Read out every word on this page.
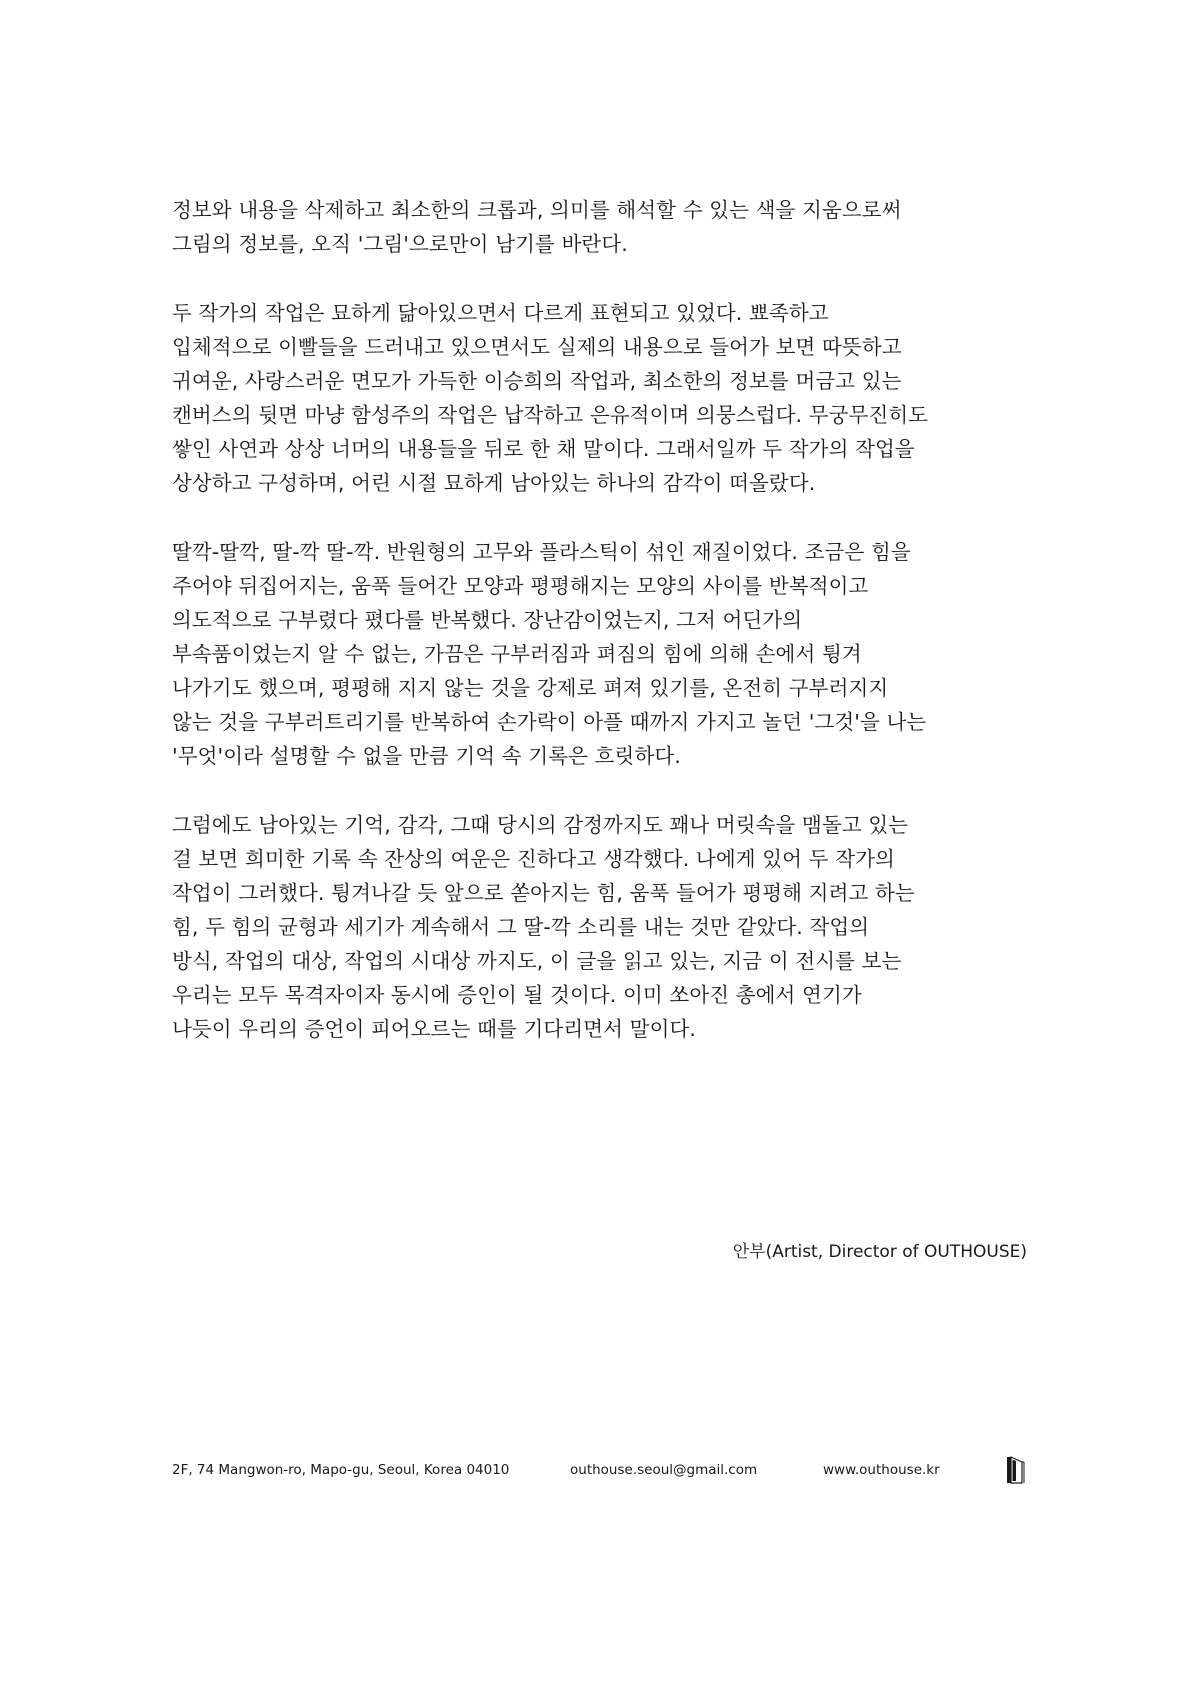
정보와 내용을 삭제하고 최소한의 크롭과, 의미를 해석할 수 있는 색을 지움으로써
그림의 정보를, 오직 '그림'으로만이 남기를 바란다.
두 작가의 작업은 묘하게 닮아있으면서 다르게 표현되고 있었다. 뾰족하고
입체적으로 이빨들을 드러내고 있으면서도 실제의 내용으로 들어가 보면 따뜻하고
귀여운, 사랑스러운 면모가 가득한 이승희의 작업과, 최소한의 정보를 머금고 있는
캔버스의 뒷면 마냥 함성주의 작업은 납작하고 은유적이며 의뭉스럽다. 무궁무진히도
쌓인 사연과 상상 너머의 내용들을 뒤로 한 채 말이다. 그래서일까 두 작가의 작업을
상상하고 구성하며, 어린 시절 묘하게 남아있는 하나의 감각이 떠올랐다.
딸깍-딸깍, 딸-깍 딸-깍. 반원형의 고무와 플라스틱이 섞인 재질이었다. 조금은 힘을
주어야 뒤집어지는, 움푹 들어간 모양과 평평해지는 모양의 사이를 반복적이고
의도적으로 구부렸다 폈다를 반복했다. 장난감이었는지, 그저 어딘가의
부속품이었는지 알 수 없는, 가끔은 구부러짐과 펴짐의 힘에 의해 손에서 튕겨
나가기도 했으며, 평평해 지지 않는 것을 강제로 펴져 있기를, 온전히 구부러지지
않는 것을 구부러트리기를 반복하여 손가락이 아플 때까지 가지고 놀던 '그것'을 나는
'무엇'이라 설명할 수 없을 만큼 기억 속 기록은 흐릿하다.
그럼에도 남아있는 기억, 감각, 그때 당시의 감정까지도 꽤나 머릿속을 맴돌고 있는
걸 보면 희미한 기록 속 잔상의 여운은 진하다고 생각했다. 나에게 있어 두 작가의
작업이 그러했다. 튕겨나갈 듯 앞으로 쏟아지는 힘, 움푹 들어가 평평해 지려고 하는
힘, 두 힘의 균형과 세기가 계속해서 그 딸-깍 소리를 내는 것만 같았다. 작업의
방식, 작업의 대상, 작업의 시대상 까지도, 이 글을 읽고 있는, 지금 이 전시를 보는
우리는 모두 목격자이자 동시에 증인이 될 것이다. 이미 쏘아진 총에서 연기가
나듯이 우리의 증언이 피어오르는 때를 기다리면서 말이다.
안부(Artist, Director of OUTHOUSE)
2F, 74 Mangwon-ro, Mapo-gu, Seoul, Korea 04010	outhouse.seoul@gmail.com	www.outhouse.kr
